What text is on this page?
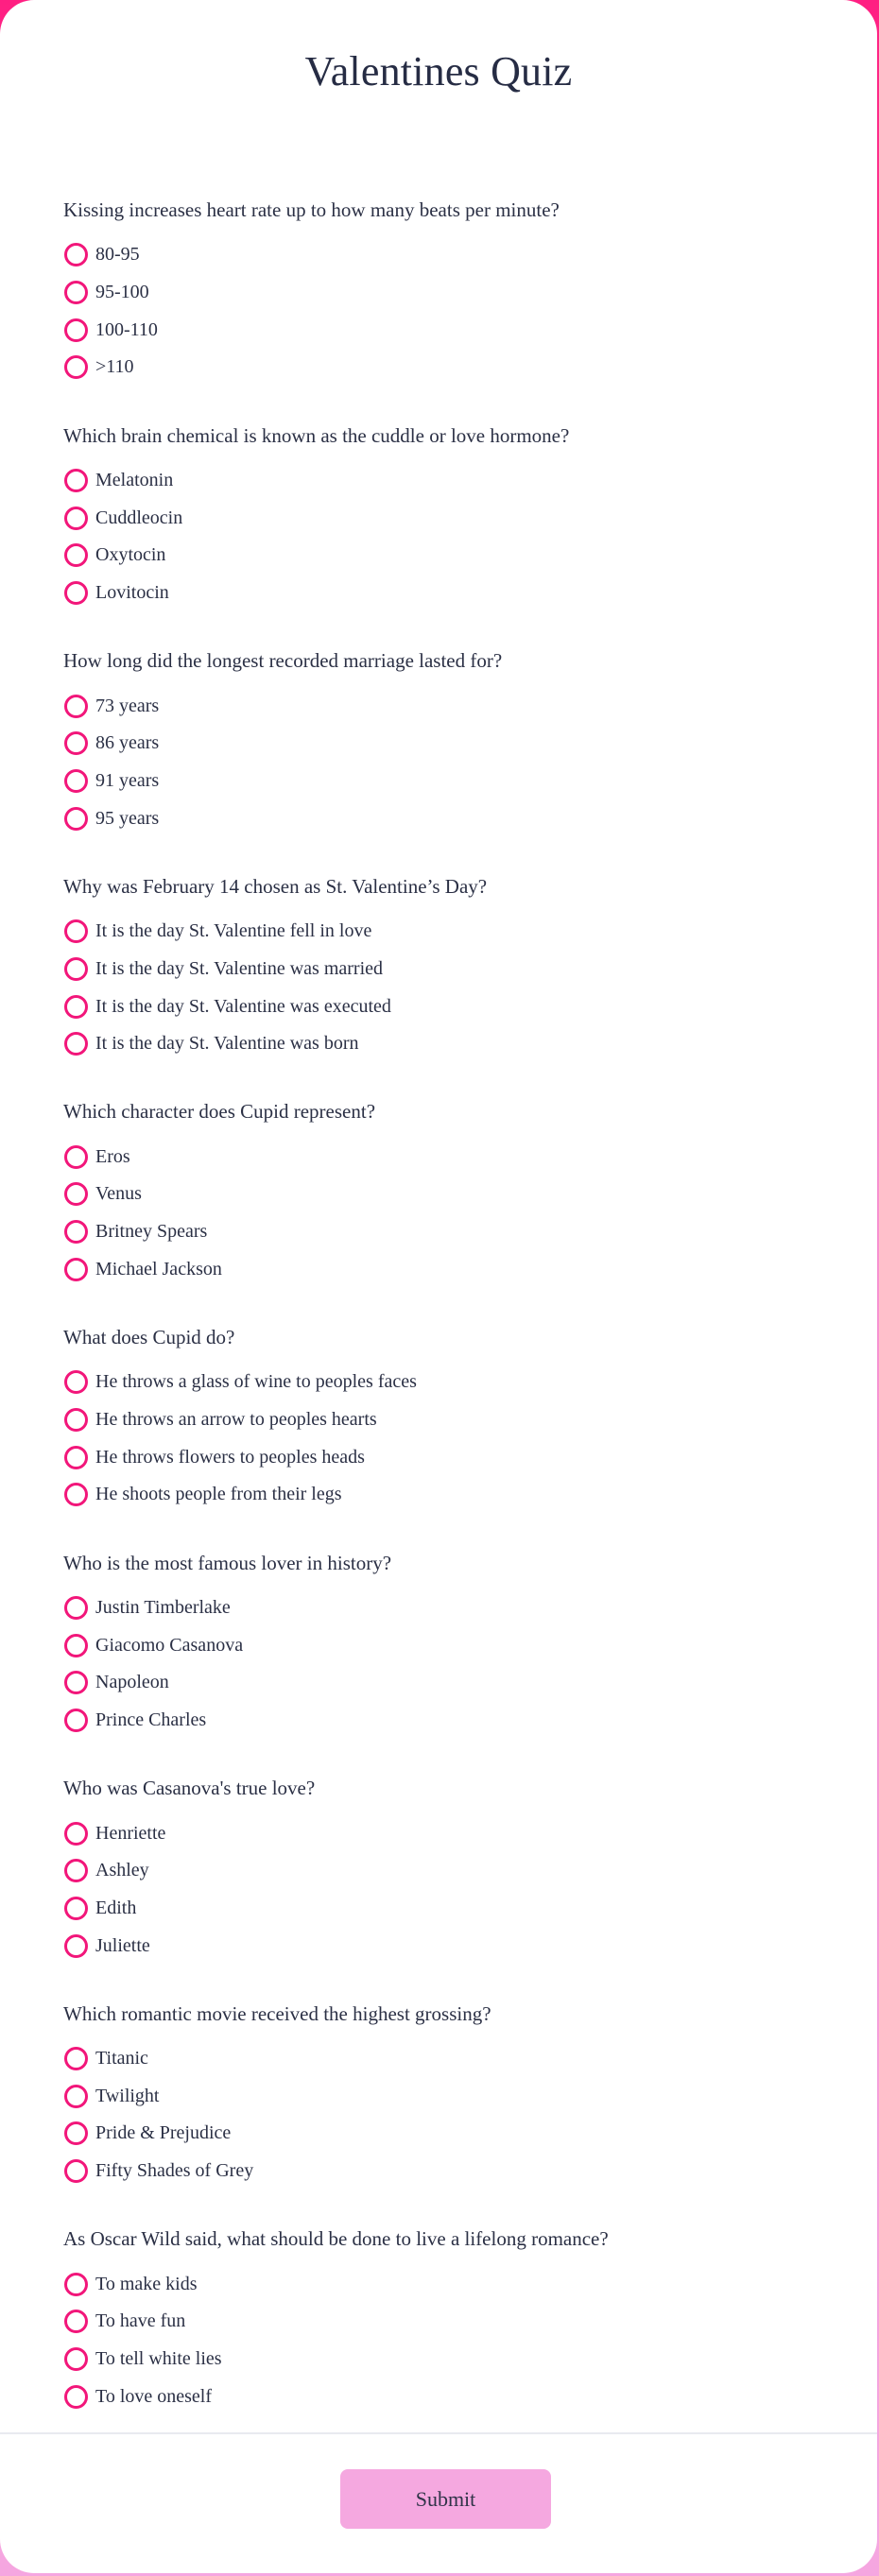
Valentines Quiz
Kissing increases heart rate up to how many beats per minute?
80-95
95-100
100-110
>110
Which brain chemical is known as the cuddle or love hormone?
Melatonin
Cuddleocin
Oxytocin
Lovitocin
How long did the longest recorded marriage lasted for?
73 years
86 years
91 years
95 years
Why was February 14 chosen as St. Valentine’s Day?
It is the day St. Valentine fell in love
It is the day St. Valentine was married
It is the day St. Valentine was executed
It is the day St. Valentine was born
Which character does Cupid represent?
Eros
Venus
Britney Spears
Michael Jackson
What does Cupid do?
He throws a glass of wine to peoples faces
He throws an arrow to peoples hearts
He throws flowers to peoples heads
He shoots people from their legs
Who is the most famous lover in history?
Justin Timberlake
Giacomo Casanova
Napoleon
Prince Charles
Who was Casanova's true love?
Henriette
Ashley
Edith
Juliette
Which romantic movie received the highest grossing?
Titanic
Twilight
Pride & Prejudice
Fifty Shades of Grey
As Oscar Wild said, what should be done to live a lifelong romance?
To make kids
To have fun
To tell white lies
To love oneself
Submit
